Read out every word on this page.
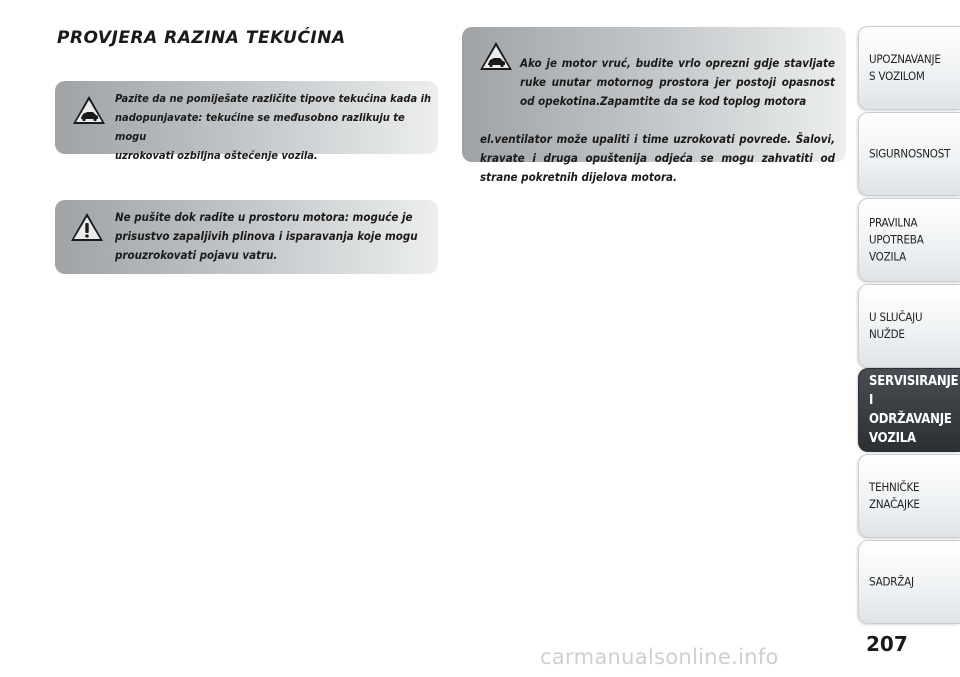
PROVJERA RAZINA TEKUĆINA
Pazite da ne pomiješate različite tipove tekućina kada ih
nadopunjavate: tekućine se međusobno razlikuju te mogu
uzrokovati ozbiljna oštećenje vozila.
Ne pušite dok radite u prostoru motora: moguće je
prisustvo zapaljivih plinova i isparavanja koje mogu
prouzrokovati pojavu vatru.

Ako je motor vruć, budite vrlo oprezni gdje stavljate ruke unutar motornog prostora jer postoji opasnost od opekotina.Zapamtite da se kod toplog motora

el.ventilator može upaliti i time uzrokovati povrede. Šalovi, kravate i druga opuštenija odjeća se mogu zahvatiti od strane pokretnih dijelova motora.

UPOZNAVANJE
S VOZILOM
SIGURNOSNOST
PRAVILNA
UPOTREBA
VOZILA
U SLUČAJU
NUŽDE
SERVISIRANJE I
ODRŽAVANJE
VOZILA
TEHNIČKE
ZNAČAJKE
SADRŽAJ
207
carmanualsonline.info
